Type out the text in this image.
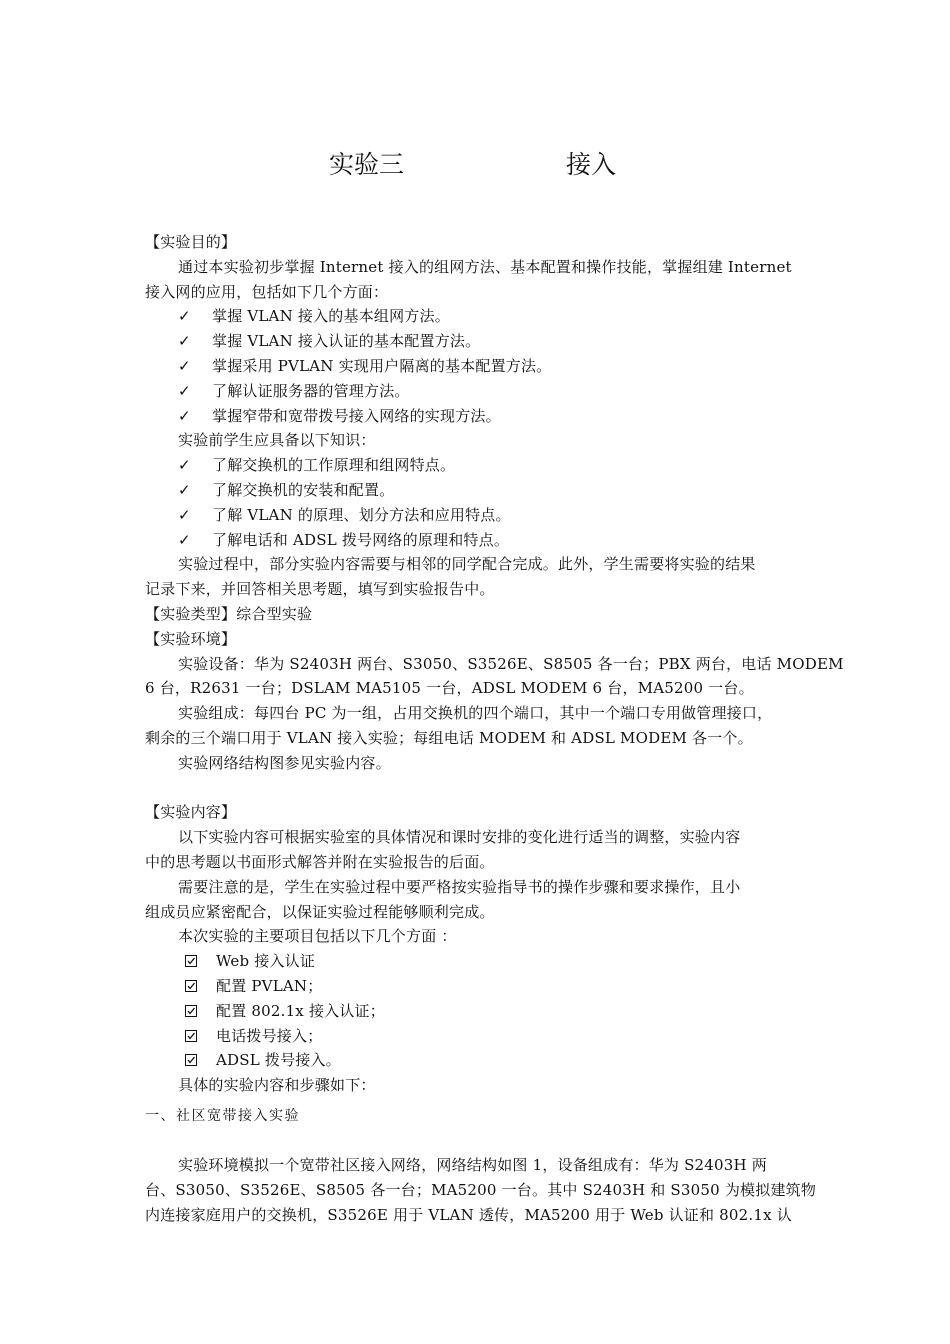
实验三	接入
【实验目的】
通过本实验初步掌握 Internet 接入的组网方法、基本配置和操作技能，掌握组建 Internet
接入网的应用，包括如下几个方面：
✓	掌握 VLAN 接入的基本组网方法。
✓	掌握 VLAN 接入认证的基本配置方法。
✓	掌握采用 PVLAN 实现用户隔离的基本配置方法。
✓	了解认证服务器的管理方法。
✓	掌握窄带和宽带拨号接入网络的实现方法。
实验前学生应具备以下知识：
✓	了解交换机的工作原理和组网特点。
✓	了解交换机的安装和配置。
✓	了解 VLAN 的原理、划分方法和应用特点。
✓	了解电话和 ADSL 拨号网络的原理和特点。
实验过程中，部分实验内容需要与相邻的同学配合完成。此外，学生需要将实验的结果
记录下来，并回答相关思考题，填写到实验报告中。
【实验类型】综合型实验
【实验环境】
实验设备：华为 S2403H 两台、S3050、S3526E、S8505 各一台；PBX 两台，电话 MODEM
6 台，R2631 一台；DSLAM MA5105 一台，ADSL MODEM 6 台，MA5200 一台。
实验组成：每四台 PC 为一组，占用交换机的四个端口，其中一个端口专用做管理接口，
剩余的三个端口用于 VLAN 接入实验；每组电话 MODEM 和 ADSL MODEM 各一个。
实验网络结构图参见实验内容。
【实验内容】
以下实验内容可根据实验室的具体情况和课时安排的变化进行适当的调整，实验内容
中的思考题以书面形式解答并附在实验报告的后面。
需要注意的是，学生在实验过程中要严格按实验指导书的操作步骤和要求操作，且小
组成员应紧密配合，以保证实验过程能够顺利完成。
本次实验的主要项目包括以下几个方面 ：
Web 接入认证
配置 PVLAN；
配置 802.1x 接入认证；
电话拨号接入；
ADSL 拨号接入。
具体的实验内容和步骤如下：
一、社区宽带接入实验
实验环境模拟一个宽带社区接入网络，网络结构如图 1，设备组成有：华为 S2403H 两
台、S3050、S3526E、S8505 各一台；MA5200 一台。其中 S2403H 和 S3050 为模拟建筑物
内连接家庭用户的交换机，S3526E 用于 VLAN 透传，MA5200 用于 Web 认证和 802.1x 认
